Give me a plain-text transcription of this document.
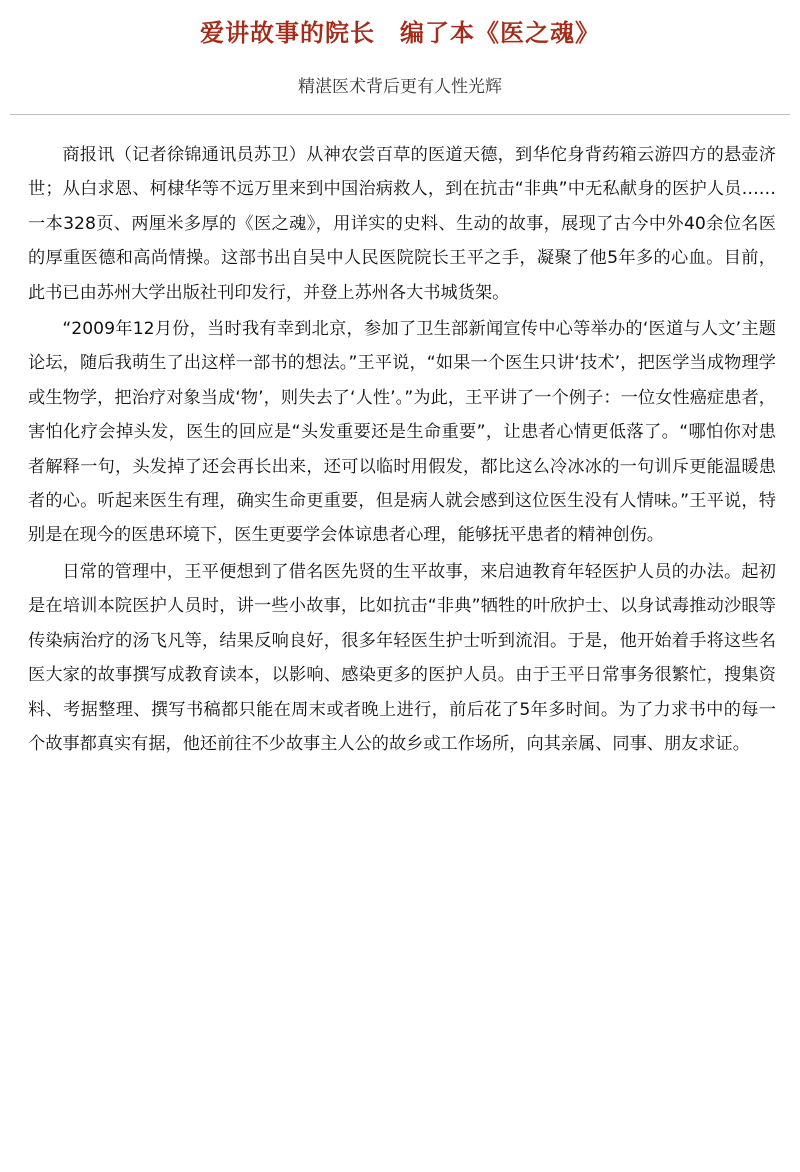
爱讲故事的院长　编了本《医之魂》
精湛医术背后更有人性光辉

商报讯（记者徐锦通讯员苏卫）从神农尝百草的医道天德，到华佗身背药箱云游四方的悬壶济世；从白求恩、柯棣华等不远万里来到中国治病救人，到在抗击“非典”中无私献身的医护人员……一本328页、两厘米多厚的《医之魂》，用详实的史料、生动的故事，展现了古今中外40余位名医的厚重医德和高尚情操。这部书出自吴中人民医院院长王平之手，凝聚了他5年多的心血。目前，此书已由苏州大学出版社刊印发行，并登上苏州各大书城货架。

“2009年12月份，当时我有幸到北京，参加了卫生部新闻宣传中心等举办的‘医道与人文’主题论坛，随后我萌生了出这样一部书的想法。”王平说，“如果一个医生只讲‘技术’，把医学当成物理学或生物学，把治疗对象当成‘物’，则失去了‘人性’。”为此，王平讲了一个例子：一位女性癌症患者，害怕化疗会掉头发，医生的回应是“头发重要还是生命重要”，让患者心情更低落了。“哪怕你对患者解释一句，头发掉了还会再长出来，还可以临时用假发，都比这么冷冰冰的一句训斥更能温暖患者的心。听起来医生有理，确实生命更重要，但是病人就会感到这位医生没有人情味。”王平说，特别是在现今的医患环境下，医生更要学会体谅患者心理，能够抚平患者的精神创伤。

日常的管理中，王平便想到了借名医先贤的生平故事，来启迪教育年轻医护人员的办法。起初是在培训本院医护人员时，讲一些小故事，比如抗击“非典”牺牲的叶欣护士、以身试毒推动沙眼等传染病治疗的汤飞凡等，结果反响良好，很多年轻医生护士听到流泪。于是，他开始着手将这些名医大家的故事撰写成教育读本，以影响、感染更多的医护人员。由于王平日常事务很繁忙，搜集资料、考据整理、撰写书稿都只能在周末或者晚上进行，前后花了5年多时间。为了力求书中的每一个故事都真实有据，他还前往不少故事主人公的故乡或工作场所，向其亲属、同事、朋友求证。
